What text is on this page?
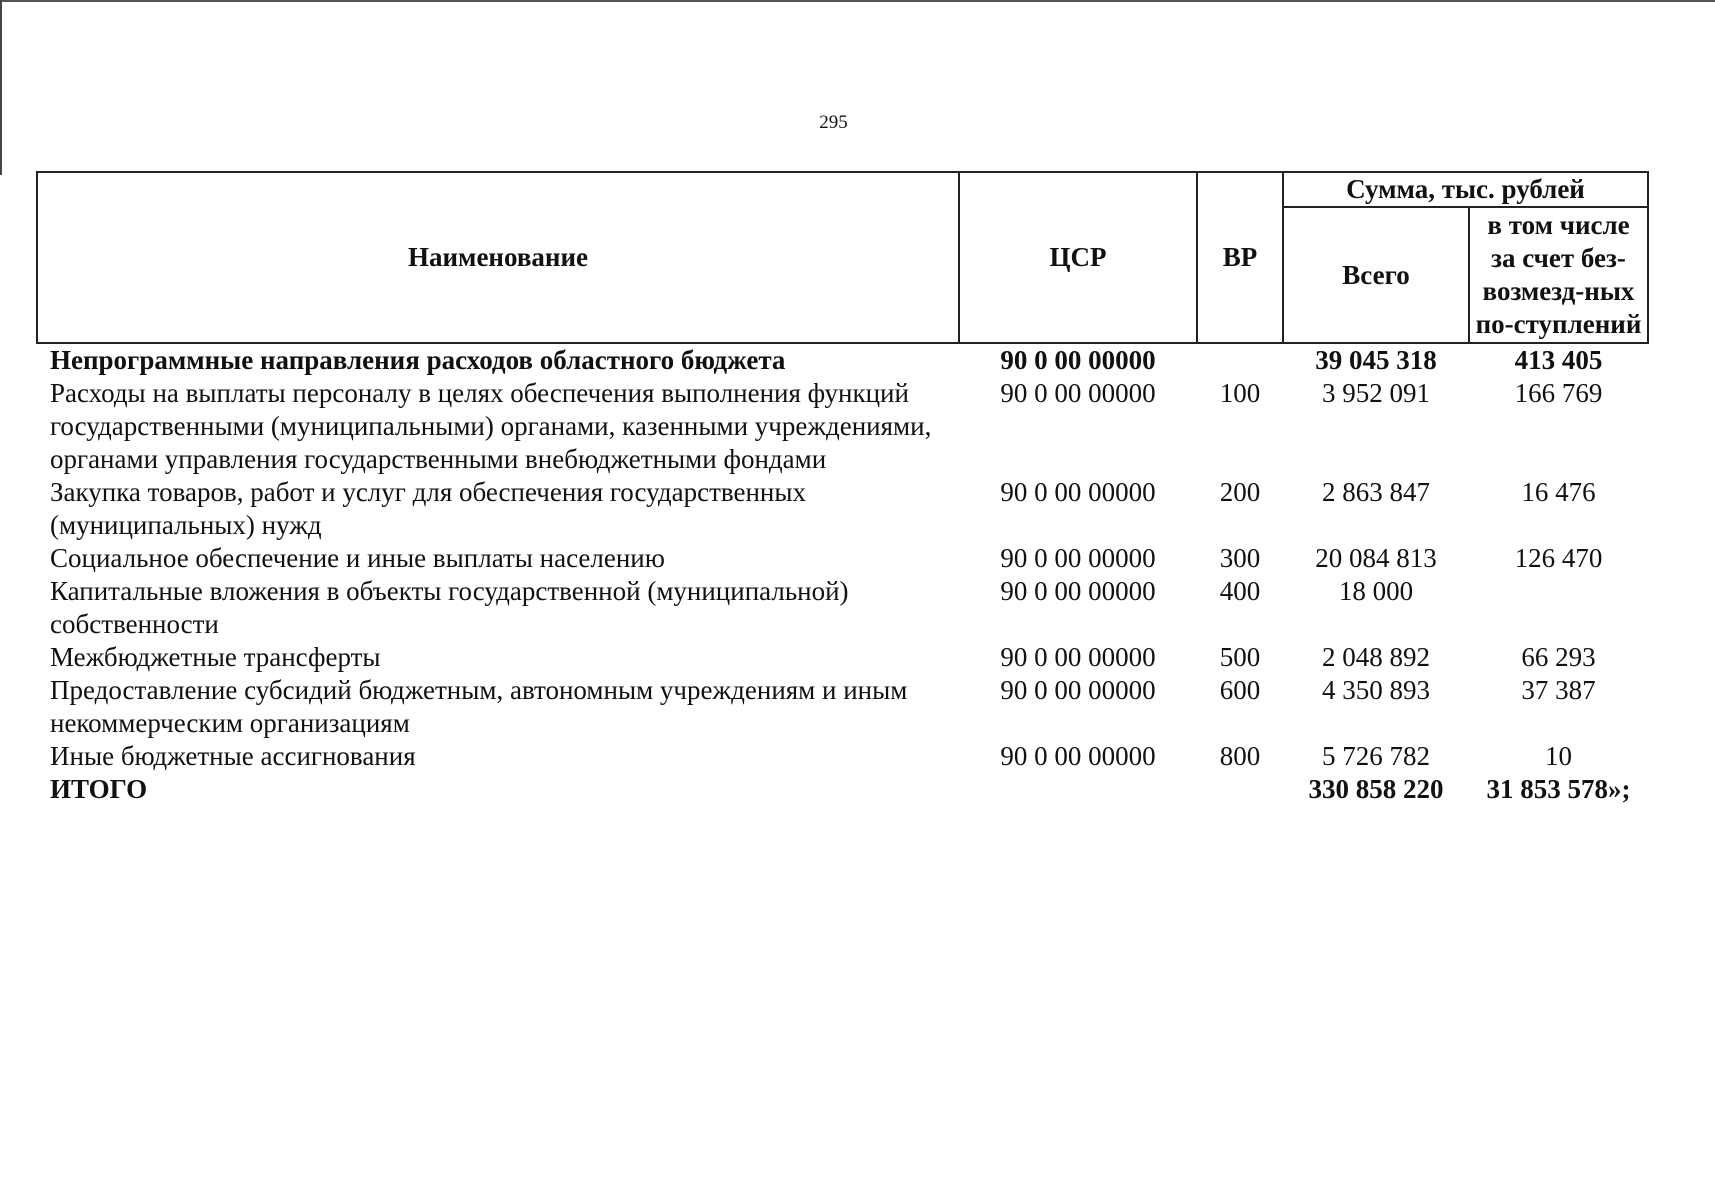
295
Наименование	ЦСР	ВР	Сумма, тыс. рублей	
			Всего	в том числе за счет без-возмезд-ных по-ступлений
Непрограммные направления расходов областного бюджета	90 0 00 00000		39 045 318	413 405
Расходы на выплаты персоналу в целях обеспечения выполнения функций государственными (муниципальными) органами, казенными учреждениями, органами управления государственными внебюджетными фондами	90 0 00 00000	100	3 952 091	166 769
Закупка товаров, работ и услуг для обеспечения государственных (муниципальных) нужд	90 0 00 00000	200	2 863 847	16 476
Социальное обеспечение и иные выплаты населению	90 0 00 00000	300	20 084 813	126 470
Капитальные вложения в объекты государственной (муниципальной) собственности	90 0 00 00000	400	18 000	
Межбюджетные трансферты	90 0 00 00000	500	2 048 892	66 293
Предоставление субсидий бюджетным, автономным учреждениям и иным некоммерческим организациям	90 0 00 00000	600	4 350 893	37 387
Иные бюджетные ассигнования	90 0 00 00000	800	5 726 782	10
ИТОГО			330 858 220	31 853 578»;
